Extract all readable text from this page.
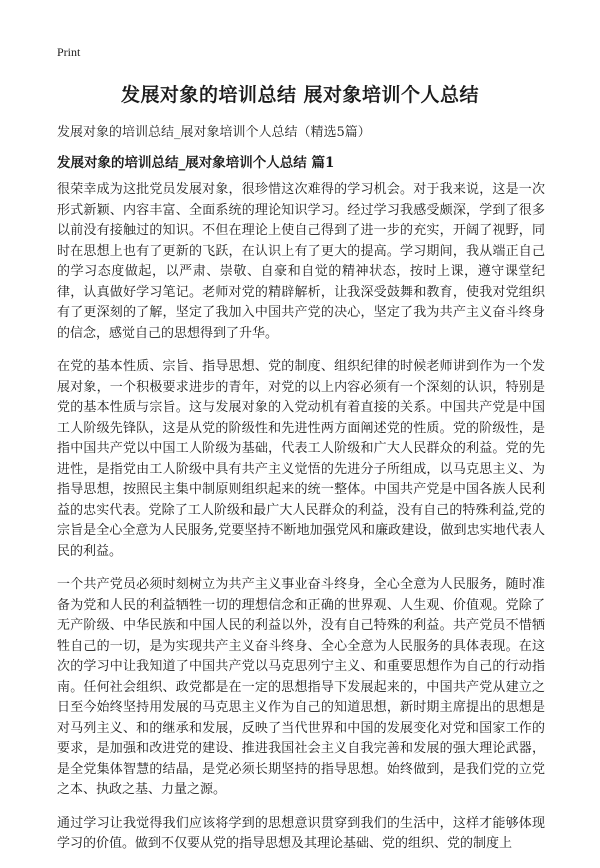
Print
发展对象的培训总结 展对象培训个人总结
发展对象的培训总结_展对象培训个人总结（精选5篇）
发展对象的培训总结_展对象培训个人总结 篇1

很荣幸成为这批党员发展对象，很珍惜这次难得的学习机会。对于我来说，这是一次形式新颖、内容丰富、全面系统的理论知识学习。经过学习我感受颇深，学到了很多以前没有接触过的知识。不但在理论上使自己得到了进一步的充实，开阔了视野，同时在思想上也有了更新的飞跃，在认识上有了更大的提高。学习期间，我从端正自己的学习态度做起，以严肃、崇敬、自豪和自觉的精神状态，按时上课，遵守课堂纪律，认真做好学习笔记。老师对党的精辟解析，让我深受鼓舞和教育，使我对党组织有了更深刻的了解，坚定了我加入中国共产党的决心，坚定了我为共产主义奋斗终身的信念，感觉自己的思想得到了升华。

在党的基本性质、宗旨、指导思想、党的制度、组织纪律的时候老师讲到作为一个发展对象，一个积极要求进步的青年，对党的以上内容必须有一个深刻的认识，特别是党的基本性质与宗旨。这与发展对象的入党动机有着直接的关系。中国共产党是中国工人阶级先锋队，这是从党的阶级性和先进性两方面阐述党的性质。党的阶级性，是指中国共产党以中国工人阶级为基础，代表工人阶级和广大人民群众的利益。党的先进性，是指党由工人阶级中具有共产主义觉悟的先进分子所组成，以马克思主义、为指导思想，按照民主集中制原则组织起来的统一整体。中国共产党是中国各族人民利益的忠实代表。党除了工人阶级和最广大人民群众的利益，没有自己的特殊利益,党的宗旨是全心全意为人民服务,党要坚持不断地加强党风和廉政建设，做到忠实地代表人民的利益。

一个共产党员必须时刻树立为共产主义事业奋斗终身，全心全意为人民服务，随时准备为党和人民的利益牺牲一切的理想信念和正确的世界观、人生观、价值观。党除了无产阶级、中华民族和中国人民的利益以外，没有自己特殊的利益。共产党员不惜牺牲自己的一切，是为实现共产主义奋斗终身、全心全意为人民服务的具体表现。在这次的学习中让我知道了中国共产党以马克思列宁主义、和重要思想作为自己的行动指南。任何社会组织、政党都是在一定的思想指导下发展起来的，中国共产党从建立之日至今始终坚持用发展的马克思主义作为自己的知道思想，新时期主席提出的思想是对马列主义、和的继承和发展，反映了当代世界和中国的发展变化对党和国家工作的要求，是加强和改进党的建设、推进我国社会主义自我完善和发展的强大理论武器，是全党集体智慧的结晶，是党必须长期坚持的指导思想。始终做到，是我们党的立党之本、执政之基、力量之源。

通过学习让我觉得我们应该将学到的思想意识贯穿到我们的生活中，这样才能够体现学习的价值。做到不仅要从党的指导思想及其理论基础、党的组织、党的制度上
